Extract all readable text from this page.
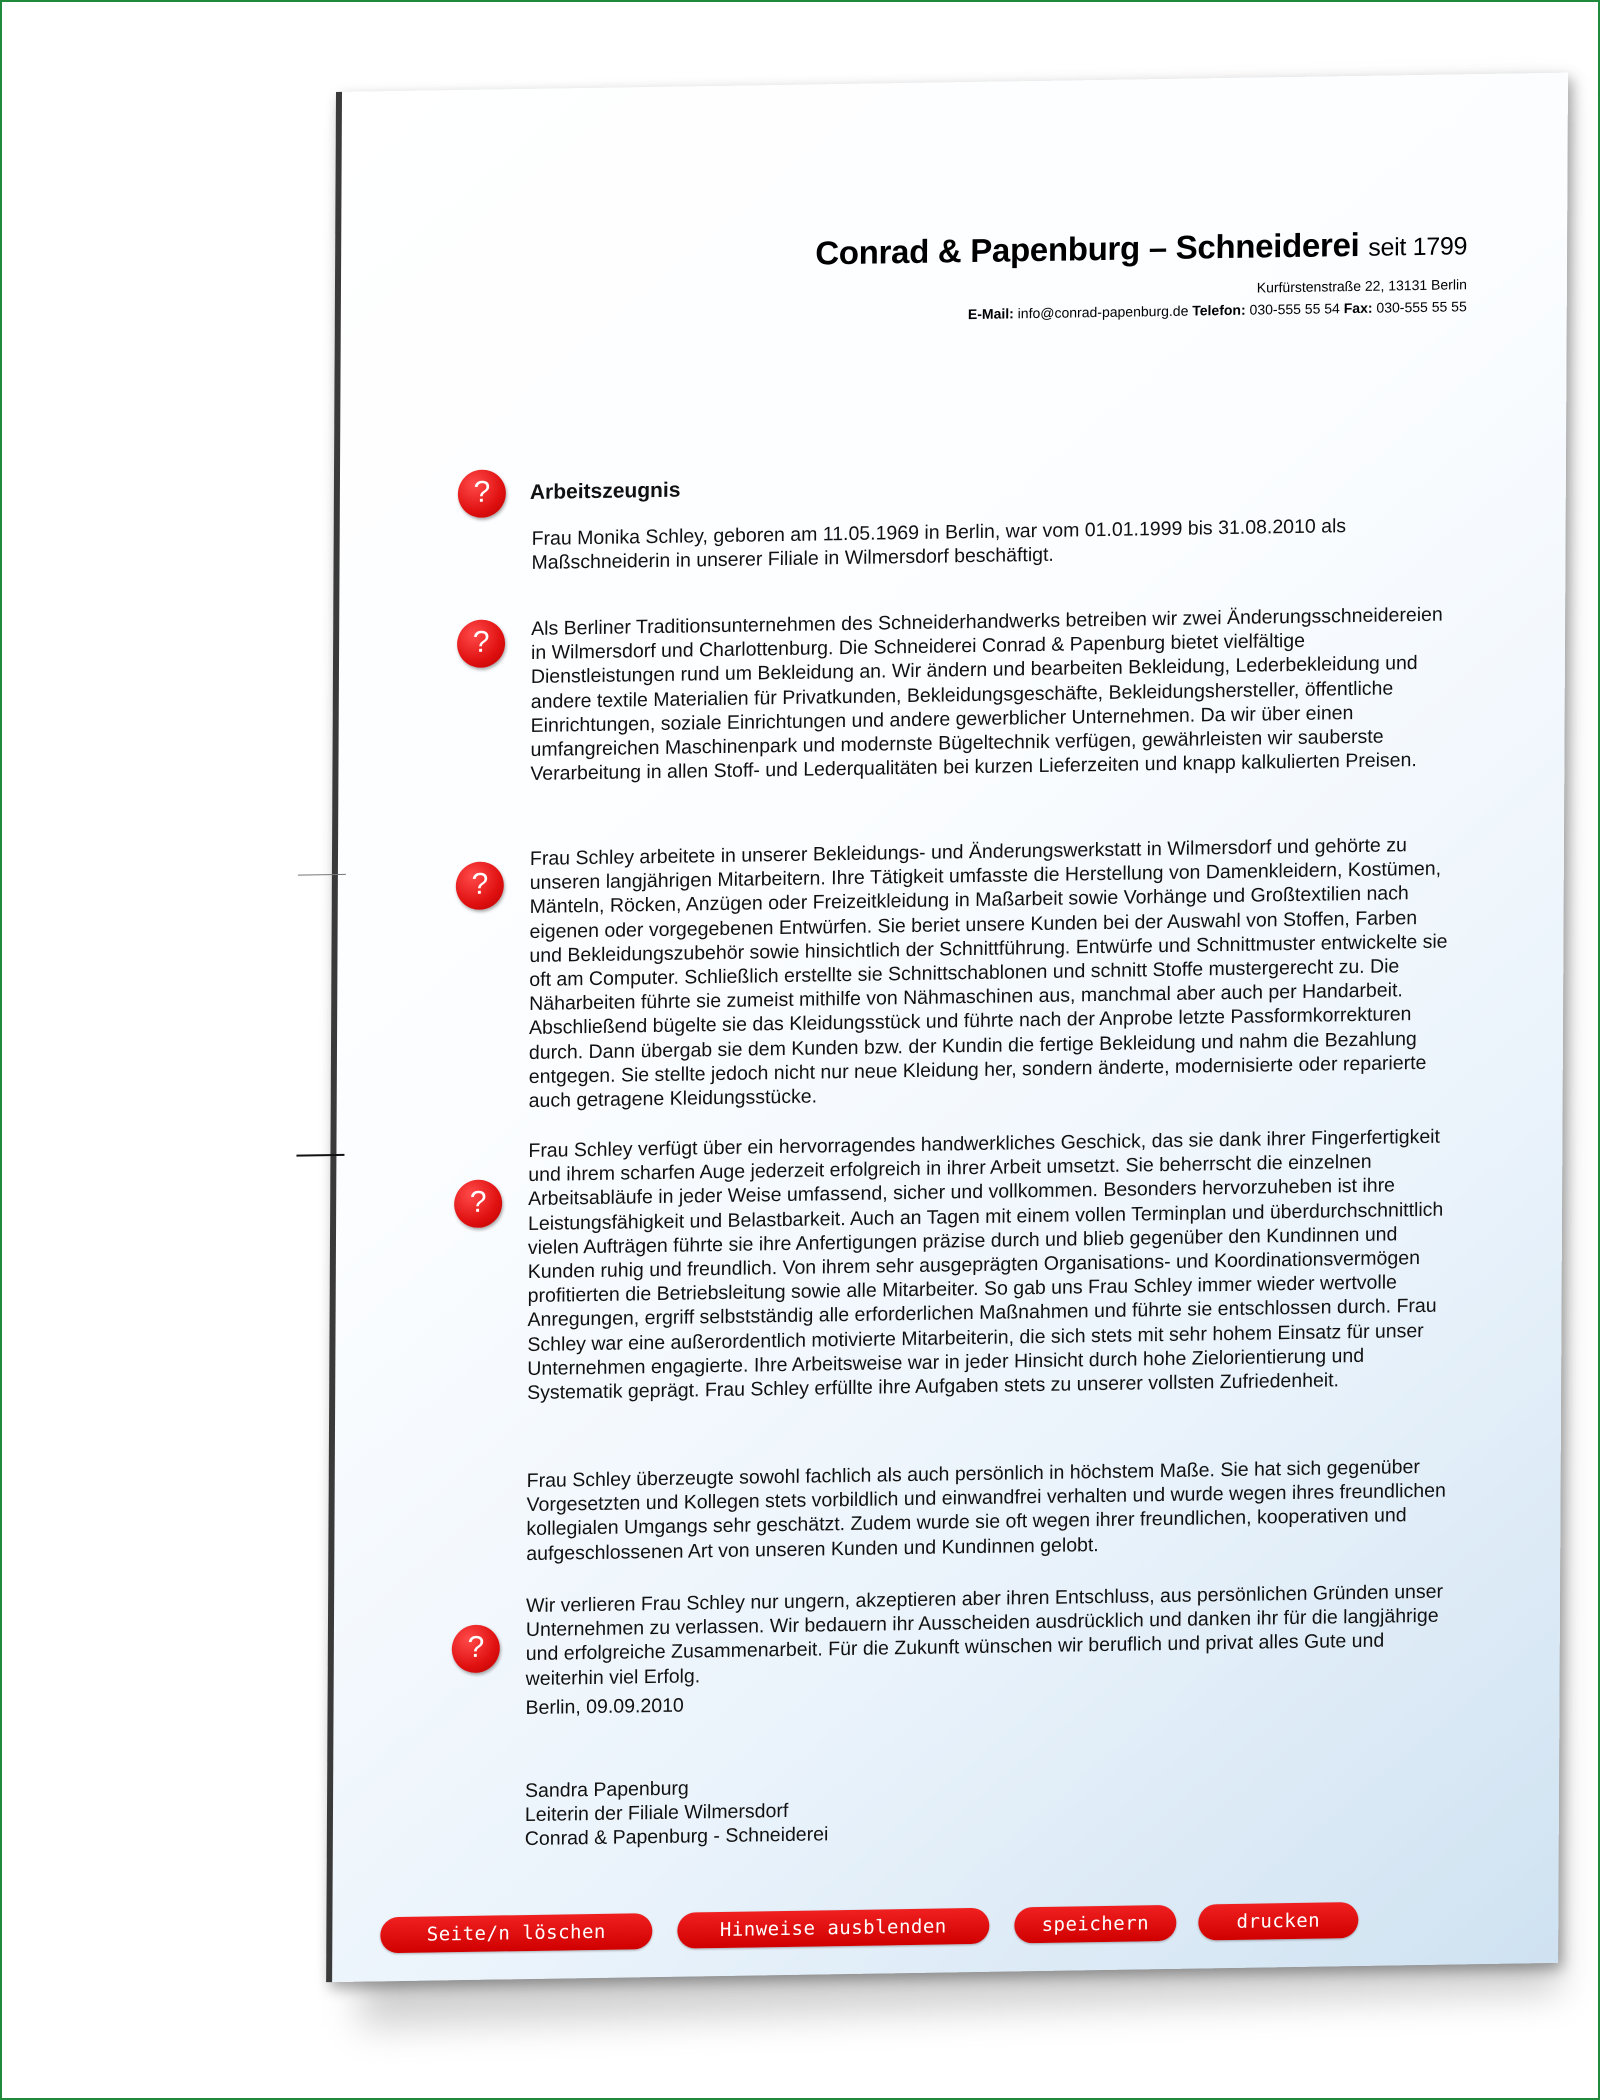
Conrad & Papenburg – Schneiderei seit 1799
Kurfürstenstraße 22, 13131 Berlin
E-Mail: info@conrad-papenburg.de Telefon: 030-555 55 54 Fax: 030-555 55 55
?
?
?
?
?
Arbeitszeugnis
Frau Monika Schley, geboren am 11.05.1969 in Berlin, war vom 01.01.1999 bis 31.08.2010 als Maßschneiderin in unserer Filiale in Wilmersdorf beschäftigt.
Als Berliner Traditionsunternehmen des Schneiderhandwerks betreiben wir zwei Änderungsschneidereien in Wilmersdorf und Charlottenburg. Die Schneiderei Conrad & Papenburg bietet vielfältige Dienstleistungen rund um Bekleidung an. Wir ändern und bearbeiten Bekleidung, Lederbekleidung und andere textile Materialien für Privatkunden, Bekleidungsgeschäfte, Bekleidungshersteller, öffentliche Einrichtungen, soziale Einrichtungen und andere gewerblicher Unternehmen. Da wir über einen umfangreichen Maschinenpark und modernste Bügeltechnik verfügen, gewährleisten wir sauberste Verarbeitung in allen Stoff- und Lederqualitäten bei kurzen Lieferzeiten und knapp kalkulierten Preisen.
Frau Schley arbeitete in unserer Bekleidungs- und Änderungswerkstatt in Wilmersdorf und gehörte zu unseren langjährigen Mitarbeitern. Ihre Tätigkeit umfasste die Herstellung von Damenkleidern, Kostümen, Mänteln, Röcken, Anzügen oder Freizeitkleidung in Maßarbeit sowie Vorhänge und Großtextilien nach eigenen oder vorgegebenen Entwürfen. Sie beriet unsere Kunden bei der Auswahl von Stoffen, Farben und Bekleidungszubehör sowie hinsichtlich der Schnittführung. Entwürfe und Schnittmuster entwickelte sie oft am Computer. Schließlich erstellte sie Schnittschablonen und schnitt Stoffe mustergerecht zu. Die Näharbeiten führte sie zumeist mithilfe von Nähmaschinen aus, manchmal aber auch per Handarbeit. Abschließend bügelte sie das Kleidungsstück und führte nach der Anprobe letzte Passformkorrekturen durch. Dann übergab sie dem Kunden bzw. der Kundin die fertige Bekleidung und nahm die Bezahlung entgegen. Sie stellte jedoch nicht nur neue Kleidung her, sondern änderte, modernisierte oder reparierte auch getragene Kleidungsstücke.
Frau Schley verfügt über ein hervorragendes handwerkliches Geschick, das sie dank ihrer Fingerfertigkeit und ihrem scharfen Auge jederzeit erfolgreich in ihrer Arbeit umsetzt. Sie beherrscht die einzelnen Arbeitsabläufe in jeder Weise umfassend, sicher und vollkommen. Besonders hervorzuheben ist ihre Leistungsfähigkeit und Belastbarkeit. Auch an Tagen mit einem vollen Terminplan und überdurchschnittlich vielen Aufträgen führte sie ihre Anfertigungen präzise durch und blieb gegenüber den Kundinnen und Kunden ruhig und freundlich. Von ihrem sehr ausgeprägten Organisations- und Koordinationsvermögen profitierten die Betriebsleitung sowie alle Mitarbeiter. So gab uns Frau Schley immer wieder wertvolle Anregungen, ergriff selbstständig alle erforderlichen Maßnahmen und führte sie entschlossen durch. Frau Schley war eine außerordentlich motivierte Mitarbeiterin, die sich stets mit sehr hohem Einsatz für unser Unternehmen engagierte. Ihre Arbeitsweise war in jeder Hinsicht durch hohe Zielorientierung und Systematik geprägt. Frau Schley erfüllte ihre Aufgaben stets zu unserer vollsten Zufriedenheit.
Frau Schley überzeugte sowohl fachlich als auch persönlich in höchstem Maße. Sie hat sich gegenüber Vorgesetzten und Kollegen stets vorbildlich und einwandfrei verhalten und wurde wegen ihres freundlichen kollegialen Umgangs sehr geschätzt. Zudem wurde sie oft wegen ihrer freundlichen, kooperativen und aufgeschlossenen Art von unseren Kunden und Kundinnen gelobt.
Wir verlieren Frau Schley nur ungern, akzeptieren aber ihren Entschluss, aus persönlichen Gründen unser Unternehmen zu verlassen. Wir bedauern ihr Ausscheiden ausdrücklich und danken ihr für die langjährige und erfolgreiche Zusammenarbeit. Für die Zukunft wünschen wir beruflich und privat alles Gute und weiterhin viel Erfolg.
Berlin, 09.09.2010
Sandra Papenburg
Leiterin der Filiale Wilmersdorf
Conrad & Papenburg - Schneiderei
Seite/n löschen	Hinweise ausblenden	speichern	drucken
